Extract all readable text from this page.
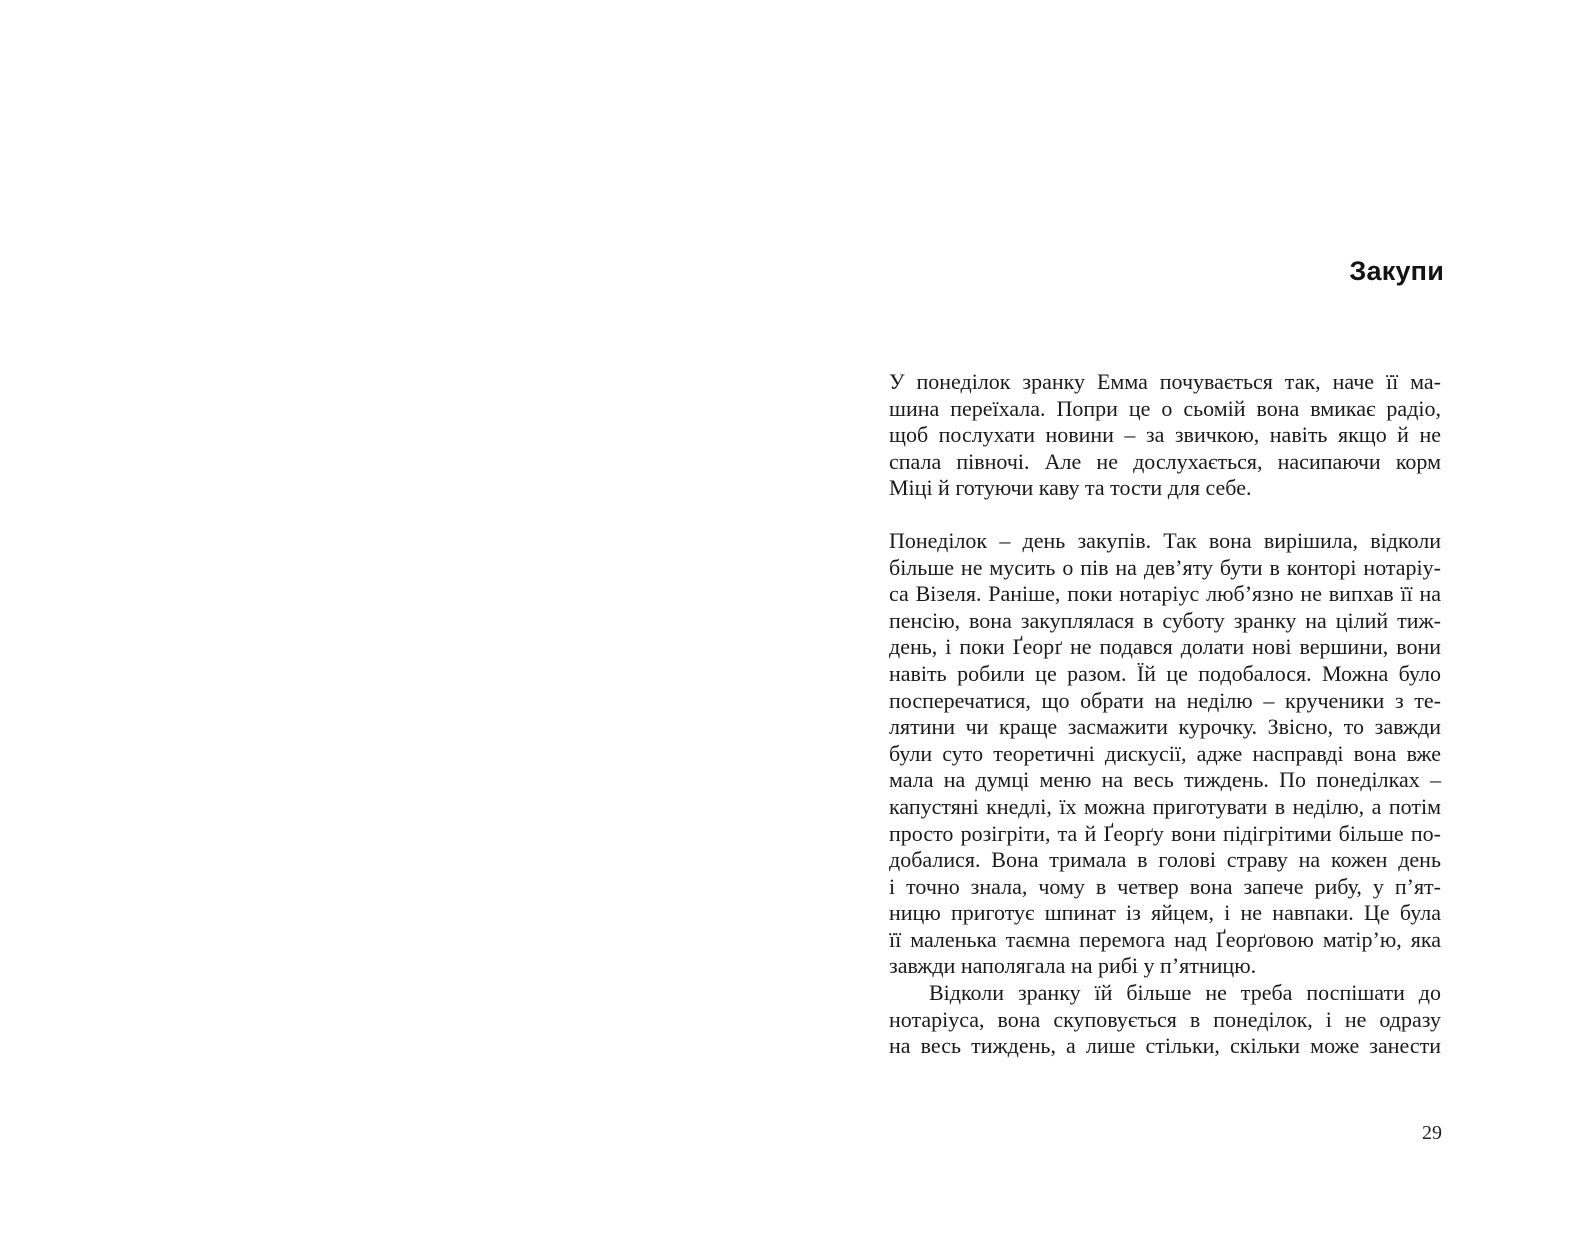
Закупи
У понеділок зранку Емма почувається так, наче її ма-
шина переїхала. Попри це о сьомій вона вмикає радіо,
щоб послухати новини – за звичкою, навіть якщо й не
спала півночі. Але не дослухається, насипаючи корм
Міці й готуючи каву та тости для себе.
Понеділок – день закупів. Так вона вирішила, відколи
більше не мусить о пів на дев’яту бути в конторі нотаріу-
са Візеля. Раніше, поки нотаріус люб’язно не випхав її на
пенсію, вона закуплялася в суботу зранку на цілий тиж-
день, і поки Ґеорґ не подався долати нові вершини, вони
навіть робили це разом. Їй це подобалося. Можна було
посперечатися, що обрати на неділю – крученики з те-
лятини чи краще засмажити курочку. Звісно, то завжди
були суто теоретичні дискусії, адже насправді вона вже
мала на думці меню на весь тиждень. По понеділках –
капустяні кнедлі, їх можна приготувати в неділю, а потім
просто розігріти, та й Ґеорґу вони підігрітими більше по-
добалися. Вона тримала в голові страву на кожен день
і точно знала, чому в четвер вона запече рибу, у п’ят-
ницю приготує шпинат із яйцем, і не навпаки. Це була
її маленька таємна перемога над Ґеорґовою матір’ю, яка
завжди наполягала на рибі у п’ятницю.
Відколи зранку їй більше не треба поспішати до
нотаріуса, вона скуповується в понеділок, і не одразу
на весь тиждень, а лише стільки, скільки може занести
29
